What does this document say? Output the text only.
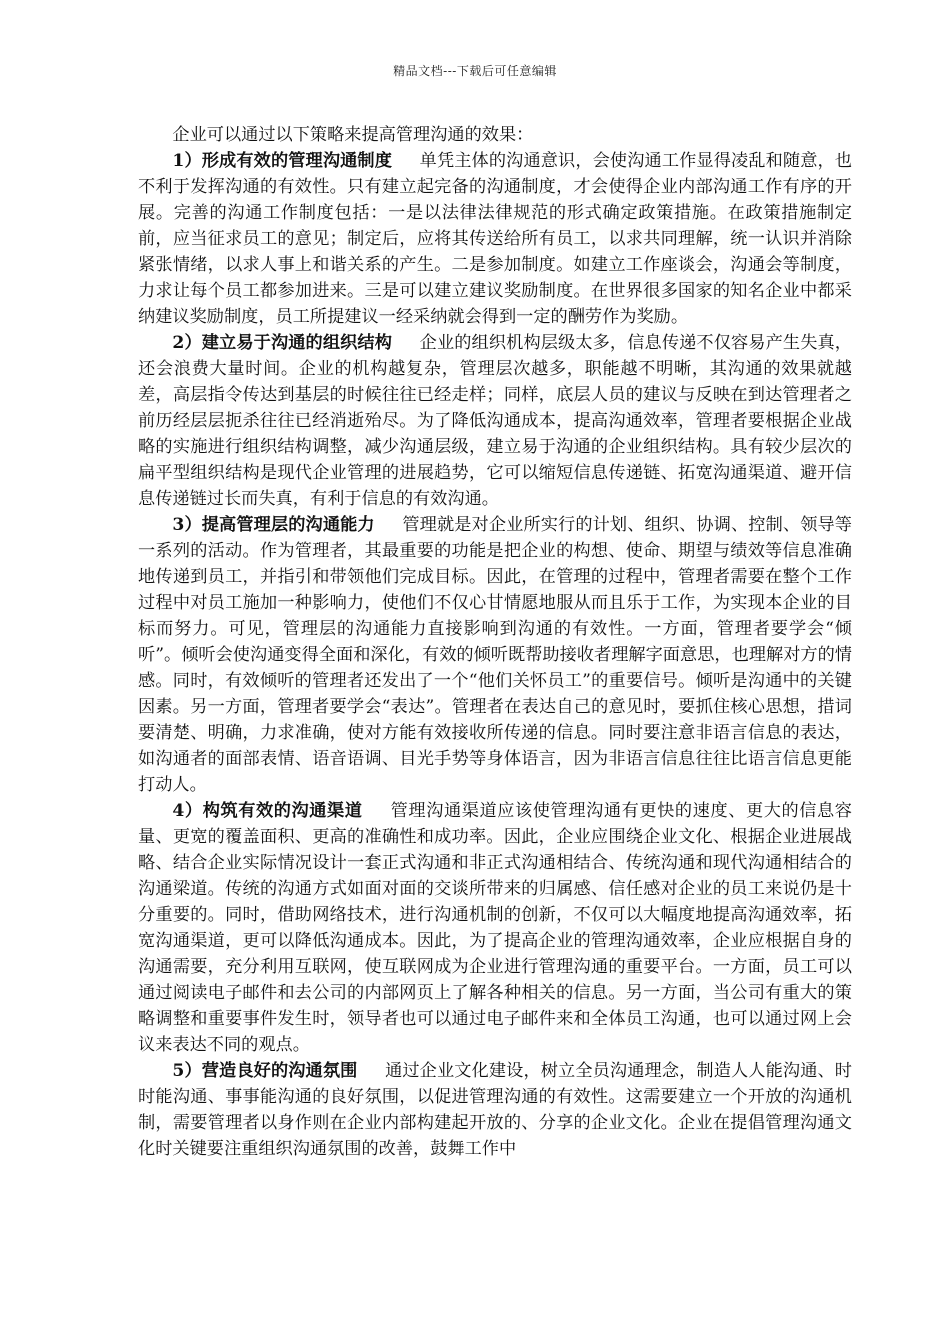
精品文档---下载后可任意编辑

企业可以通过以下策略来提高管理沟通的效果：

1）形成有效的管理沟通制度 单凭主体的沟通意识，会使沟通工作显得凌乱和随意，也不利于发挥沟通的有效性。只有建立起完备的沟通制度，才会使得企业内部沟通工作有序的开展。完善的沟通工作制度包括：一是以法律法律规范的形式确定政策措施。在政策措施制定前，应当征求员工的意见；制定后，应将其传送给所有员工，以求共同理解，统一认识并消除紧张情绪，以求人事上和谐关系的产生。二是参加制度。如建立工作座谈会，沟通会等制度，力求让每个员工都参加进来。三是可以建立建议奖励制度。在世界很多国家的知名企业中都采纳建议奖励制度，员工所提建议一经采纳就会得到一定的酬劳作为奖励。

2）建立易于沟通的组织结构 企业的组织机构层级太多，信息传递不仅容易产生失真，还会浪费大量时间。企业的机构越复杂，管理层次越多，职能越不明晰，其沟通的效果就越差，高层指令传达到基层的时候往往已经走样；同样，底层人员的建议与反映在到达管理者之前历经层层扼杀往往已经消逝殆尽。为了降低沟通成本，提高沟通效率，管理者要根据企业战略的实施进行组织结构调整，减少沟通层级，建立易于沟通的企业组织结构。具有较少层次的扁平型组织结构是现代企业管理的进展趋势，它可以缩短信息传递链、拓宽沟通渠道、避开信息传递链过长而失真，有利于信息的有效沟通。

3）提高管理层的沟通能力 管理就是对企业所实行的计划、组织、协调、控制、领导等一系列的活动。作为管理者，其最重要的功能是把企业的构想、使命、期望与绩效等信息准确地传递到员工，并指引和带领他们完成目标。因此，在管理的过程中，管理者需要在整个工作过程中对员工施加一种影响力，使他们不仅心甘情愿地服从而且乐于工作，为实现本企业的目标而努力。可见，管理层的沟通能力直接影响到沟通的有效性。一方面，管理者要学会“倾听”。倾听会使沟通变得全面和深化，有效的倾听既帮助接收者理解字面意思，也理解对方的情感。同时，有效倾听的管理者还发出了一个“他们关怀员工”的重要信号。倾听是沟通中的关键因素。另一方面，管理者要学会“表达”。管理者在表达自己的意见时，要抓住核心思想，措词要清楚、明确，力求准确，使对方能有效接收所传递的信息。同时要注意非语言信息的表达，如沟通者的面部表情、语音语调、目光手势等身体语言，因为非语言信息往往比语言信息更能打动人。

4）构筑有效的沟通渠道 管理沟通渠道应该使管理沟通有更快的速度、更大的信息容量、更宽的覆盖面积、更高的准确性和成功率。因此，企业应围绕企业文化、根据企业进展战略、结合企业实际情况设计一套正式沟通和非正式沟通相结合、传统沟通和现代沟通相结合的沟通梁道。传统的沟通方式如面对面的交谈所带来的归属感、信任感对企业的员工来说仍是十分重要的。同时，借助网络技术，进行沟通机制的创新，不仅可以大幅度地提高沟通效率，拓宽沟通渠道，更可以降低沟通成本。因此，为了提高企业的管理沟通效率，企业应根据自身的沟通需要，充分利用互联网，使互联网成为企业进行管理沟通的重要平台。一方面，员工可以通过阅读电子邮件和去公司的内部网页上了解各种相关的信息。另一方面，当公司有重大的策略调整和重要事件发生时，领导者也可以通过电子邮件来和全体员工沟通，也可以通过网上会议来表达不同的观点。

5）营造良好的沟通氛围 通过企业文化建设，树立全员沟通理念，制造人人能沟通、时时能沟通、事事能沟通的良好氛围，以促进管理沟通的有效性。这需要建立一个开放的沟通机制，需要管理者以身作则在企业内部构建起开放的、分享的企业文化。企业在提倡管理沟通文化时关键要注重组织沟通氛围的改善，鼓舞工作中
